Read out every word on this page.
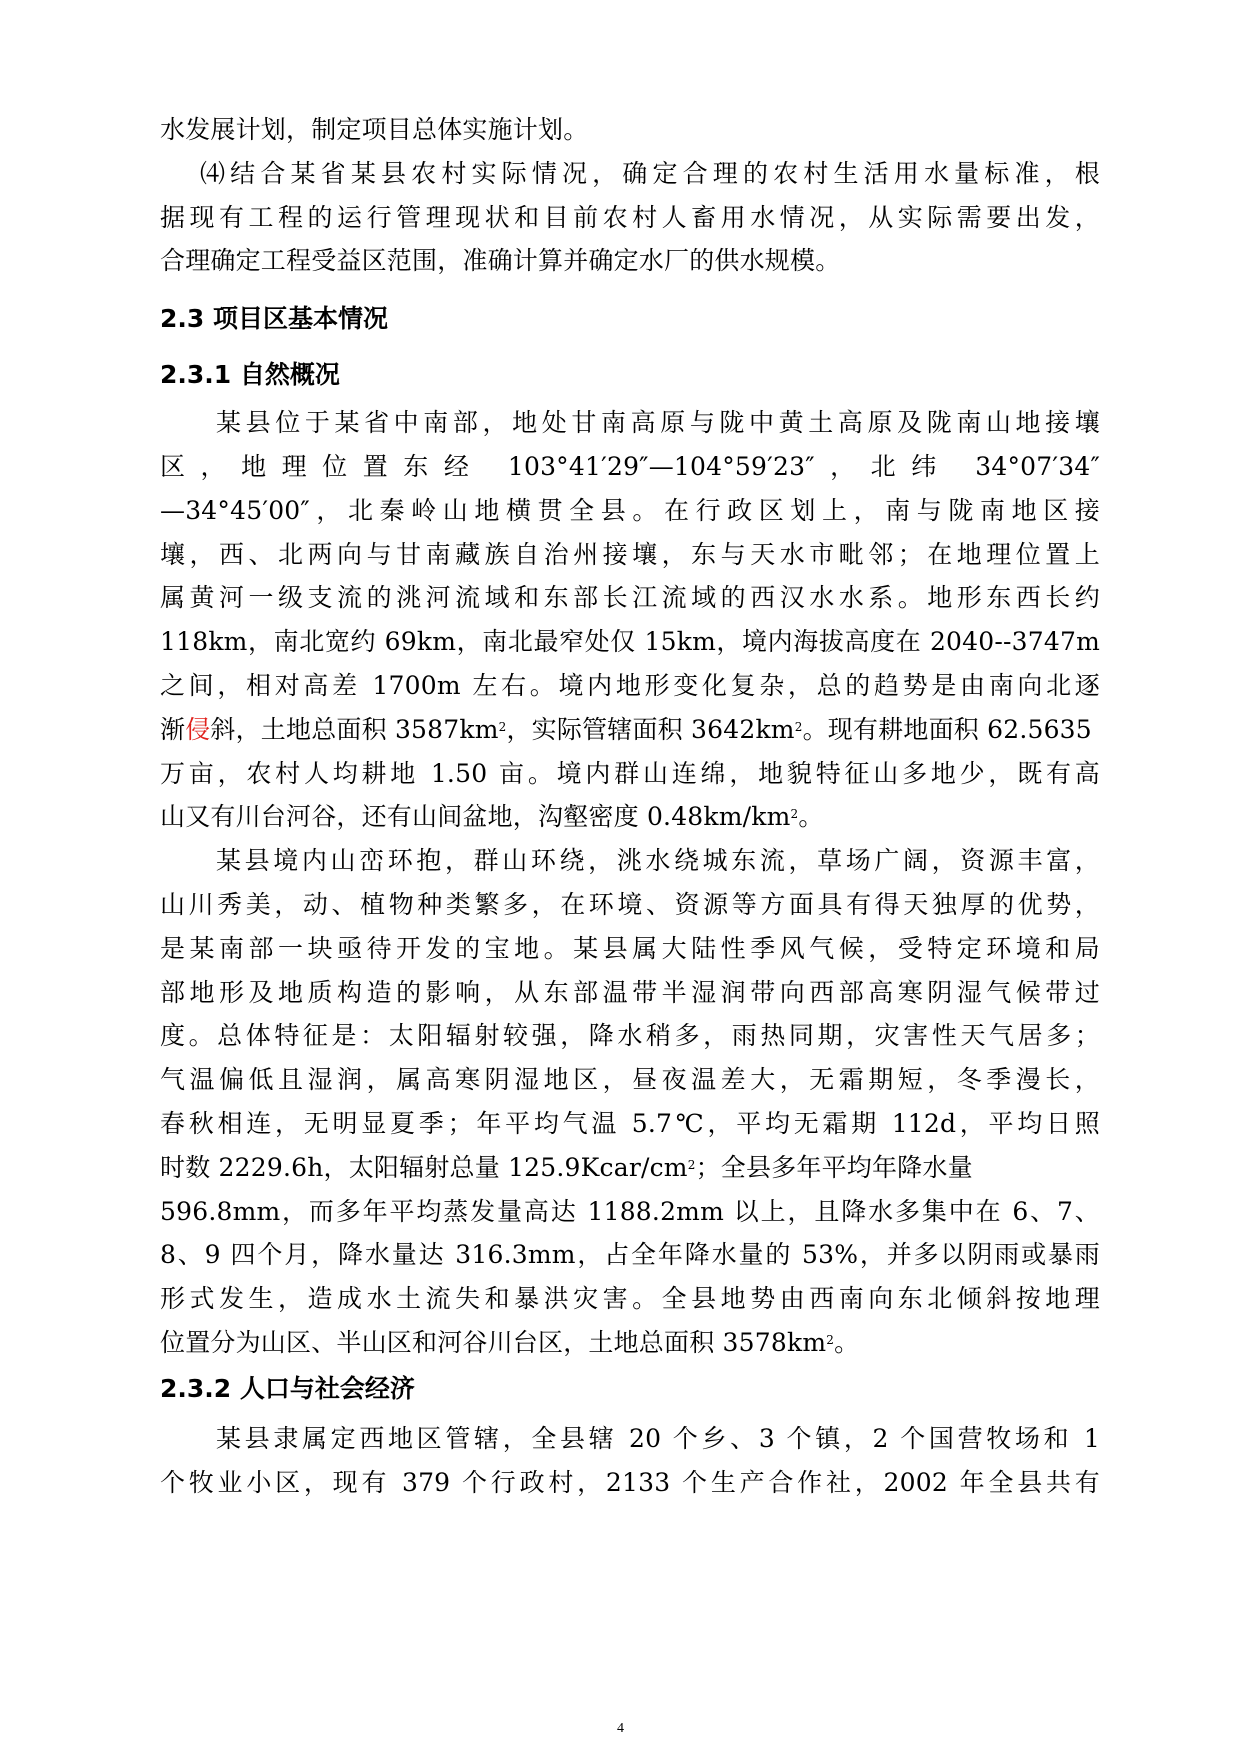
水发展计划，制定项目总体实施计划。
⑷结合某省某县农村实际情况，确定合理的农村生活用水量标准，根
据现有工程的运行管理现状和目前农村人畜用水情况，从实际需要出发，
合理确定工程受益区范围，准确计算并确定水厂的供水规模。
2.3 项目区基本情况
2.3.1 自然概况
某县位于某省中南部，地处甘南高原与陇中黄土高原及陇南山地接壤
区，地理位置东经 103°41′29″—104°59′23″，北纬 34°07′34″
—34°45′00″，北秦岭山地横贯全县。在行政区划上，南与陇南地区接
壤，西、北两向与甘南藏族自治州接壤，东与天水市毗邻；在地理位置上
属黄河一级支流的洮河流域和东部长江流域的西汉水水系。地形东西长约
118km，南北宽约 69km，南北最窄处仅 15km，境内海拔高度在 2040--3747m
之间，相对高差 1700m 左右。境内地形变化复杂，总的趋势是由南向北逐
渐侵斜，土地总面积 $3587km^2$，实际管辖面积 $3642km^2$。现有耕地面积 62.5635
万亩，农村人均耕地 1.50 亩。境内群山连绵，地貌特征山多地少，既有高
山又有川台河谷，还有山间盆地，沟壑密度 $0.48km/km^2$。
某县境内山峦环抱，群山环绕，洮水绕城东流，草场广阔，资源丰富，
山川秀美，动、植物种类繁多，在环境、资源等方面具有得天独厚的优势，
是某南部一块亟待开发的宝地。某县属大陆性季风气候，受特定环境和局
部地形及地质构造的影响，从东部温带半湿润带向西部高寒阴湿气候带过
度。总体特征是：太阳辐射较强，降水稍多，雨热同期，灾害性天气居多；
气温偏低且湿润，属高寒阴湿地区，昼夜温差大，无霜期短，冬季漫长，
春秋相连，无明显夏季；年平均气温 5.7℃，平均无霜期 112d，平均日照
时数 2229.6h，太阳辐射总量 $125.9Kcar/cm^2$；全县多年平均年降水量
596.8mm，而多年平均蒸发量高达 1188.2mm 以上，且降水多集中在 6、7、
8、9 四个月，降水量达 316.3mm，占全年降水量的 53%，并多以阴雨或暴雨
形式发生，造成水土流失和暴洪灾害。全县地势由西南向东北倾斜按地理
位置分为山区、半山区和河谷川台区，土地总面积 $3578km^2$。
2.3.2 人口与社会经济
某县隶属定西地区管辖，全县辖 20 个乡、3 个镇，2 个国营牧场和 1
个牧业小区，现有 379 个行政村，2133 个生产合作社，2002 年全县共有
4
